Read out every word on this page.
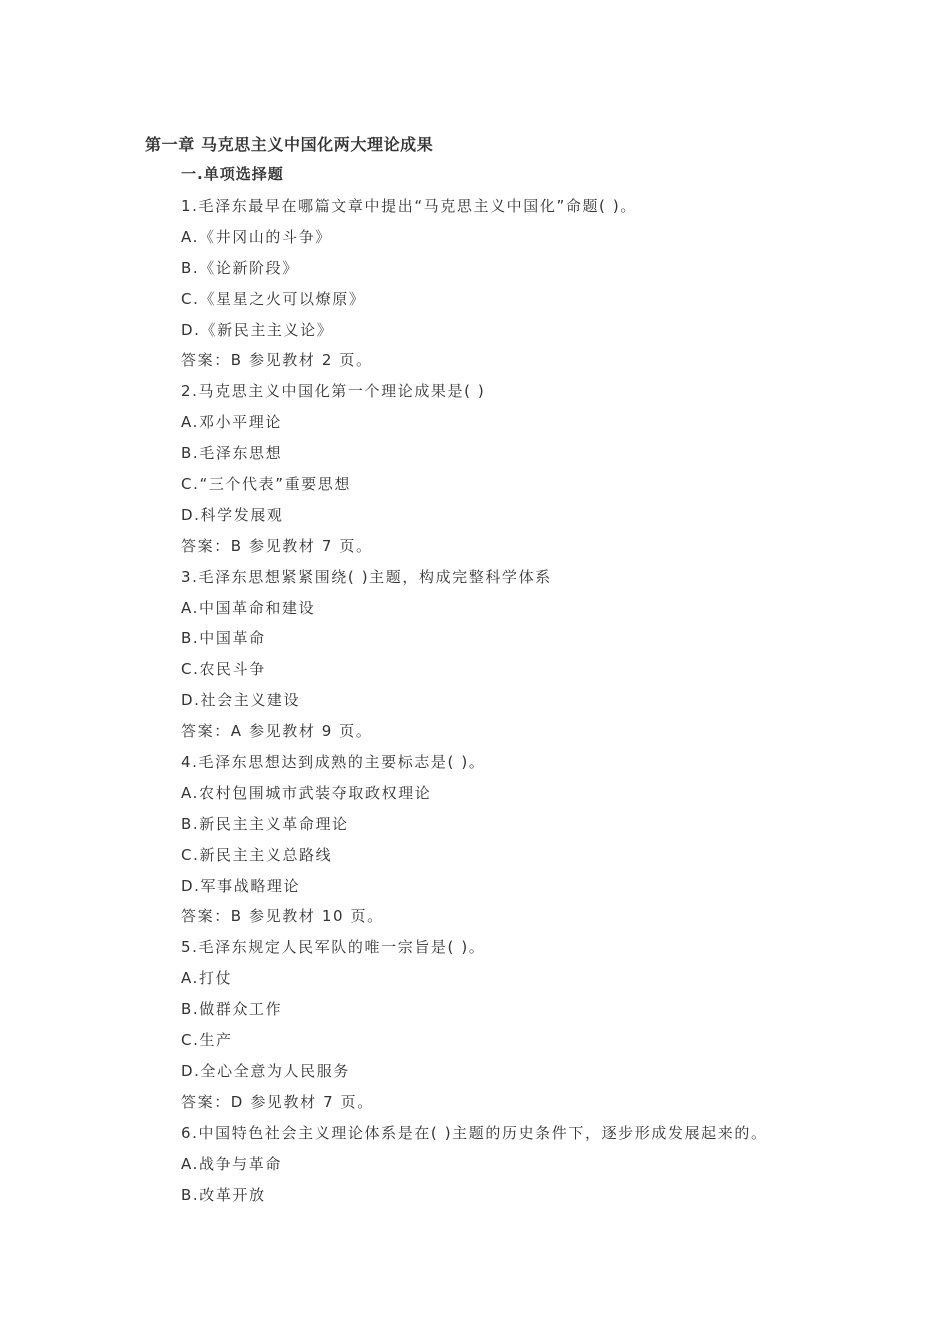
第一章 马克思主义中国化两大理论成果
一.单项选择题
1.毛泽东最早在哪篇文章中提出“马克思主义中国化”命题( )。
A.《井冈山的斗争》
B.《论新阶段》
C.《星星之火可以燎原》
D.《新民主主义论》
答案：B 参见教材 2 页。
2.马克思主义中国化第一个理论成果是( )
A.邓小平理论
B.毛泽东思想
C.“三个代表”重要思想
D.科学发展观
答案：B 参见教材 7 页。
3.毛泽东思想紧紧围绕( )主题，构成完整科学体系
A.中国革命和建设
B.中国革命
C.农民斗争
D.社会主义建设
答案：A 参见教材 9 页。
4.毛泽东思想达到成熟的主要标志是( )。
A.农村包围城市武装夺取政权理论
B.新民主主义革命理论
C.新民主主义总路线
D.军事战略理论
答案：B 参见教材 10 页。
5.毛泽东规定人民军队的唯一宗旨是( )。
A.打仗
B.做群众工作
C.生产
D.全心全意为人民服务
答案：D 参见教材 7 页。
6.中国特色社会主义理论体系是在( )主题的历史条件下，逐步形成发展起来的。
A.战争与革命
B.改革开放
